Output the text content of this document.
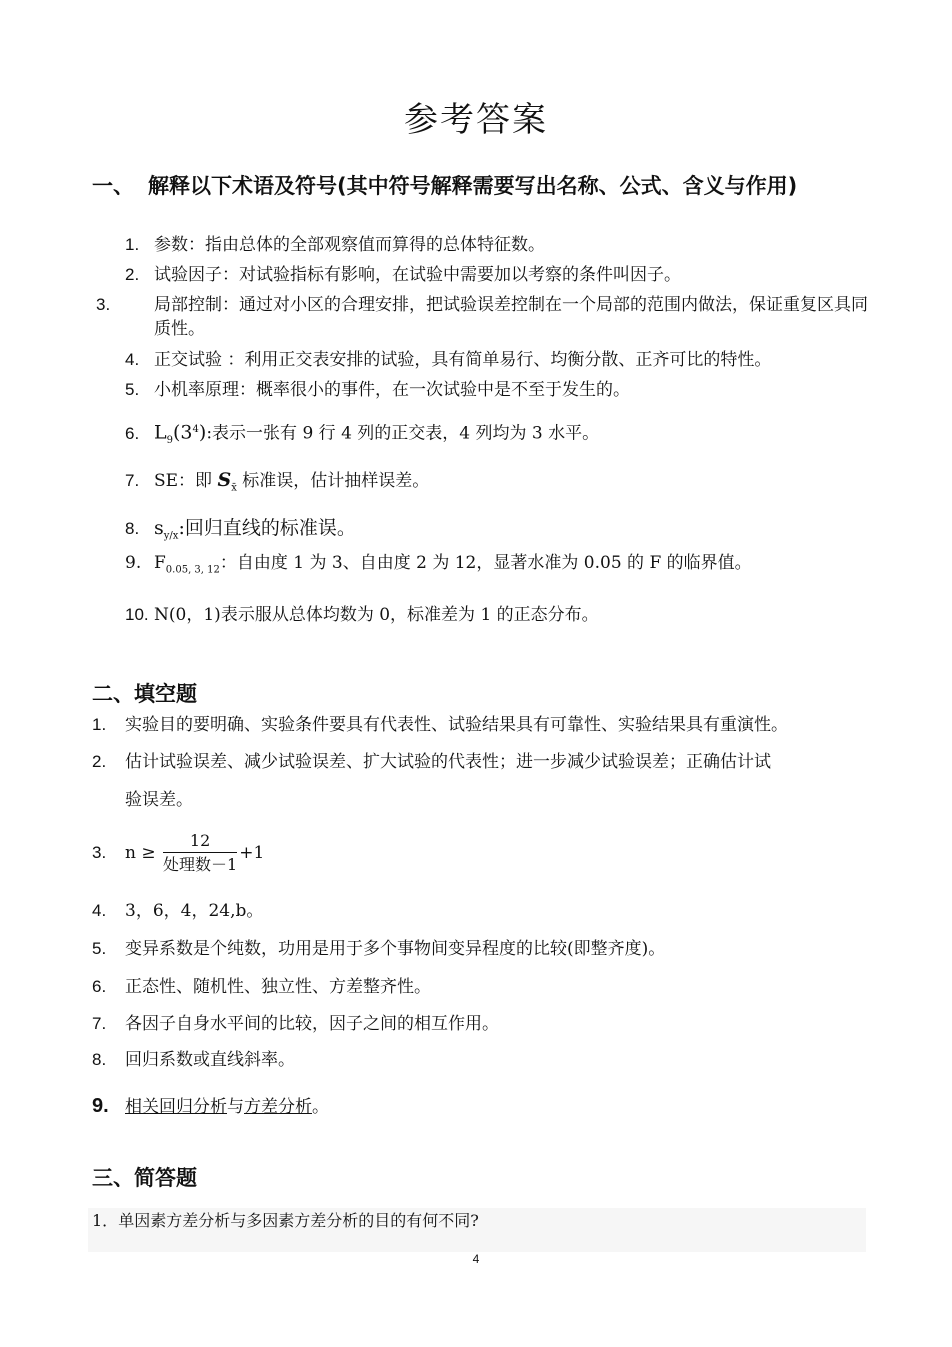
参考答案
一、 解释以下术语及符号(其中符号解释需要写出名称、公式、含义与作用)
1. 参数：指由总体的全部观察值而算得的总体特征数。
2. 试验因子：对试验指标有影响，在试验中需要加以考察的条件叫因子。
3.	局部控制：通过对小区的合理安排，把试验误差控制在一个局部的范围内做法，保证重复区具同质性。
4. 正交试验 ：利用正交表安排的试验，具有简单易行、均衡分散、正齐可比的特性。
5. 小机率原理：概率很小的事件，在一次试验中是不至于发生的。
6. $L_9(3^4)$:表示一张有 9 行 4 列的正交表，4 列均为 3 水平。
7. SE：即 $S_{x̄}$ 标准误，估计抽样误差。
8. $s_{y/x}$:回归直线的标准误。
9. $F_{0.05, 3, 12}$：自由度 1 为 3、自由度 2 为 12，显著水准为 0.05 的 F 的临界值。
10. N(0，1)表示服从总体均数为 0，标准差为 1 的正态分布。
二、填空题
1. 实验目的要明确、实验条件要具有代表性、试验结果具有可靠性、实验结果具有重演性。
2. 估计试验误差、减少试验误差、扩大试验的代表性；进一步减少试验误差；正确估计试
验误差。
3. $n \ge \frac{12}{\text{处理数－1}} +1$
4. 3，6，4，24,b。
5. 变异系数是个纯数，功用是用于多个事物间变异程度的比较(即整齐度)。
6. 正态性、随机性、独立性、方差整齐性。
7. 各因子自身水平间的比较，因子之间的相互作用。
8. 回归系数或直线斜率。
9. 相关回归分析与方差分析。
三、简答题
1．单因素方差分析与多因素方差分析的目的有何不同?
4
